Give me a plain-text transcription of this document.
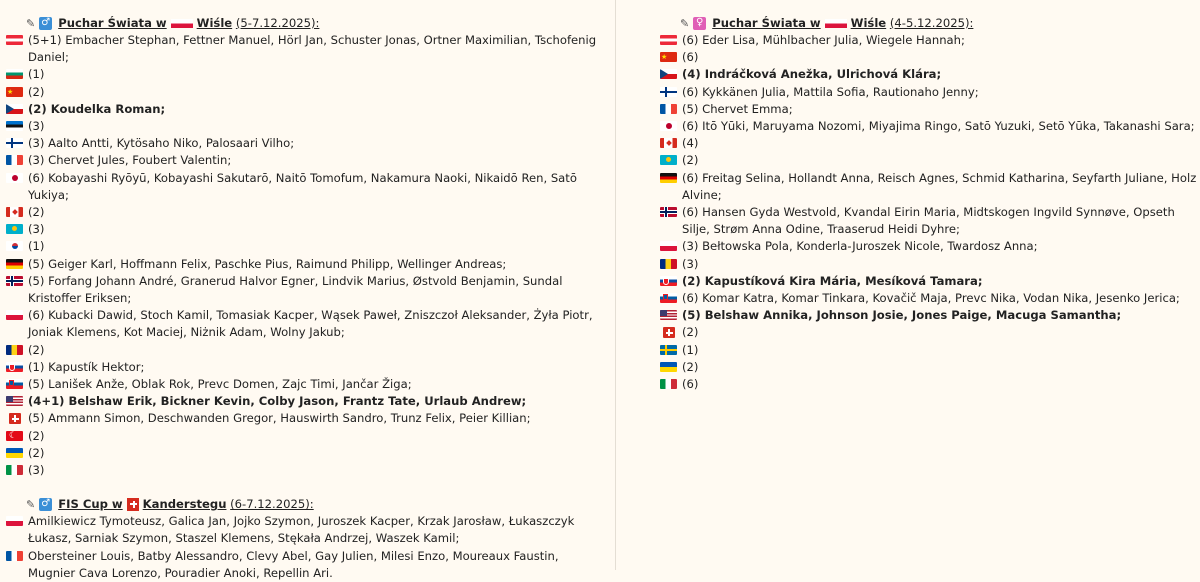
✎ ♂ Puchar Świata w	Wiśle
(5-7.12.2025):
(5+1) Embacher Stephan, Fettner Manuel, Hörl Jan, Schuster Jonas, Ortner Maximilian, Tschofenig Daniel;
(1)
★
(2)
(2) Koudelka Roman;
(3)
(3) Aalto Antti, Kytösaho Niko, Palosaari Vilho;
(3) Chervet Jules, Foubert Valentin;
(6) Kobayashi Ryōyū, Kobayashi Sakutarō, Naitō Tomofum, Nakamura Naoki, Nikaidō Ren, Satō Yukiya;
(2)
(3)
(1)
(5) Geiger Karl, Hoffmann Felix, Paschke Pius, Raimund Philipp, Wellinger Andreas;
(5) Forfang Johann André, Granerud Halvor Egner, Lindvik Marius, Østvold Benjamin, Sundal Kristoffer Eriksen;
(6) Kubacki Dawid, Stoch Kamil, Tomasiak Kacper, Wąsek Paweł, Zniszczoł Aleksander, Żyła Piotr, Joniak Klemens, Kot Maciej, Niżnik Adam, Wolny Jakub;
(2)
(1) Kapustík Hektor;
(5) Lanišek Anže, Oblak Rok, Prevc Domen, Zajc Timi, Jančar Žiga;
(4+1) Belshaw Erik, Bickner Kevin, Colby Jason, Frantz Tate, Urlaub Andrew;
(5) Ammann Simon, Deschwanden Gregor, Hauswirth Sandro, Trunz Felix, Peier Killian;
☾
(2)
(2)
(3)
✎ ♂ FIS Cup w Kanderstegu
(6-7.12.2025):
Amilkiewicz Tymoteusz, Galica Jan, Jojko Szymon, Juroszek Kacper, Krzak Jarosław, Łukaszczyk Łukasz, Sarniak Szymon, Staszel Klemens, Stękała Andrzej, Waszek Kamil;
Obersteiner Louis, Batby Alessandro, Clevy Abel, Gay Julien, Milesi Enzo, Moureaux Faustin, Mugnier Cava Lorenzo, Pouradier Anoki, Repellin Ari.
✎ ♀ Puchar Świata w	Wiśle
(4-5.12.2025):
(6) Eder Lisa, Mühlbacher Julia, Wiegele Hannah;
★
(6)
(4) Indráčková Anežka, Ulrichová Klára;
(6) Kykkänen Julia, Mattila Sofia, Rautionaho Jenny;
(5) Chervet Emma;
(6) Itō Yūki, Maruyama Nozomi, Miyajima Ringo, Satō Yuzuki, Setō Yūka, Takanashi Sara;
(4)
(2)
(6) Freitag Selina, Hollandt Anna, Reisch Agnes, Schmid Katharina, Seyfarth Juliane, Holz Alvine;
(6) Hansen Gyda Westvold, Kvandal Eirin Maria, Midtskogen Ingvild Synnøve, Opseth Silje, Strøm Anna Odine, Traaserud Heidi Dyhre;
(3) Bełtowska Pola, Konderla-Juroszek Nicole, Twardosz Anna;
(3)
(2) Kapustíková Kira Mária, Mesíková Tamara;
(6) Komar Katra, Komar Tinkara, Kovačič Maja, Prevc Nika, Vodan Nika, Jesenko Jerica;
(5) Belshaw Annika, Johnson Josie, Jones Paige, Macuga Samantha;
(2)
(1)
(2)
(6)
